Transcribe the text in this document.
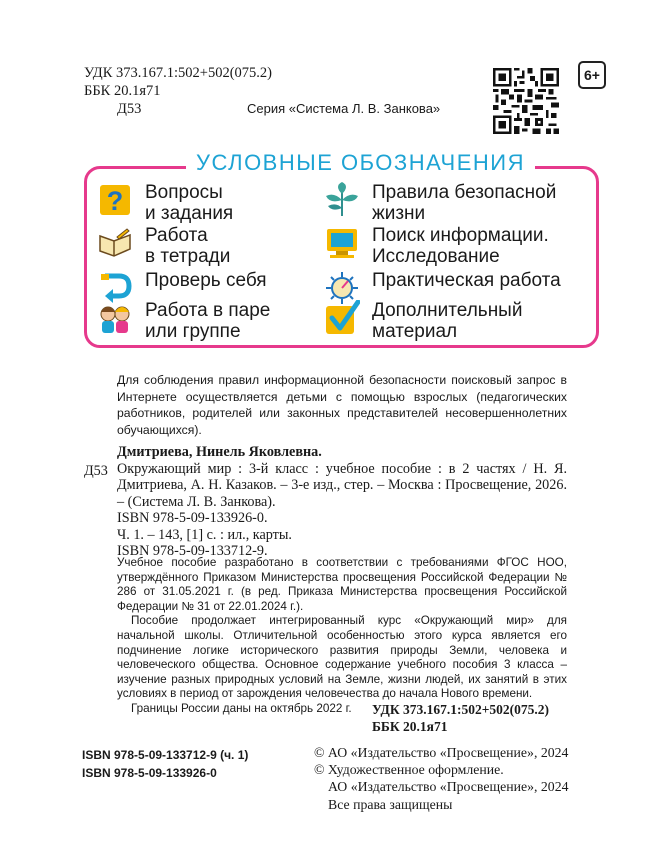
УДК 373.167.1:502+502(075.2)
ББК 20.1я71
Д53	Серия «Система Л. В. Занкова»
6+
УСЛОВНЫЕ ОБОЗНАЧЕНИЯ
? Вопросы
и задания
Работа
в тетради
Проверь себя
Работа в паре
или группе
Правила безопасной
жизни
Поиск информации.
Исследование
Практическая работа
Дополнительный
материал
Для соблюдения правил информационной безопасности поисковый запрос в Интернете осуществляется детьми с помощью взрослых (педагогических работников, родителей или законных представителей несовершеннолетних обучающихся).
Д53

Дмитриева, Нинель Яковлевна.

Окружающий мир : 3-й класс : учебное пособие : в 2 частях / Н. Я. Дмитриева, А. Н. Казаков. – 3-е изд., стер. – Москва : Просвещение, 2026. – (Система Л. В. Занкова).

ISBN 978-5-09-133926-0.

Ч. 1. – 143, [1] с. : ил., карты.

ISBN 978-5-09-133712-9.

Учебное пособие разработано в соответствии с требованиями ФГОС НОО, утверждённого Приказом Министерства просвещения Российской Федерации № 286 от 31.05.2021 г. (в ред. Приказа Министерства просвещения Российской Федерации № 31 от 22.01.2024 г.).

Пособие продолжает интегрированный курс «Окружающий мир» для начальной школы. Отличительной особенностью этого курса является его подчинение логике исторического развития природы Земли, человека и человеческого общества. Основное содержание учебного пособия 3 класса – изучение разных природных условий на Земле, жизни людей, их занятий в этих условиях в период от зарождения человечества до начала Нового времени.

Границы России даны на октябрь 2022 г.	УДК 373.167.1:502+502(075.2)
ББК 20.1я71
ISBN 978-5-09-133712-9 (ч. 1)
ISBN 978-5-09-133926-0
© АО «Издательство «Просвещение», 2024
© Художественное оформление.
АО «Издательство «Просвещение», 2024
Все права защищены
